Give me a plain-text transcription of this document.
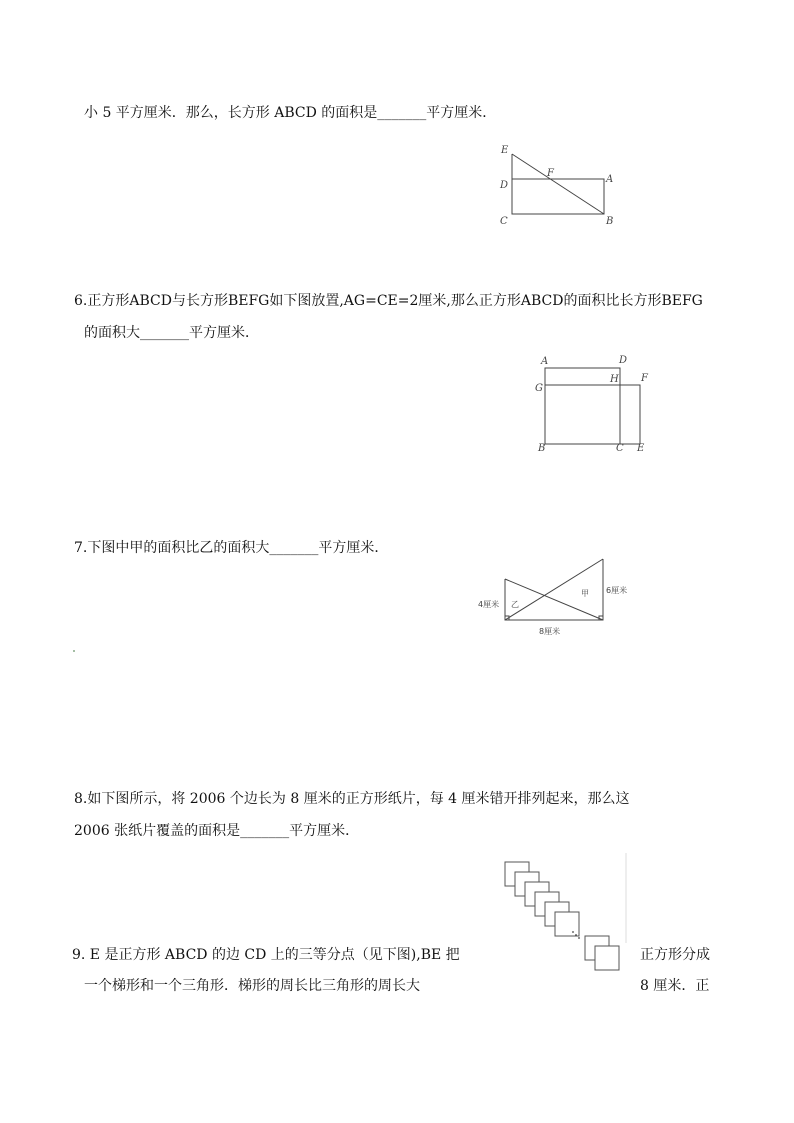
小 5 平方厘米．那么，长方形 ABCD 的面积是_______平方厘米．
E
F
D
A
C	B
6.正方形ABCD与长方形BEFG如下图放置,AG=CE=2厘米,那么正方形ABCD的面积比长方形BEFG
的面积大_______平方厘米．
A	D
G
H F
B	C E
7.下图中甲的面积比乙的面积大_______平方厘米．
4厘米 乙
甲 6厘米
8厘米
8.如下图所示，将 2006 个边长为 8 厘米的正方形纸片，每 4 厘米错开排列起来，那么这
2006 张纸片覆盖的面积是_______平方厘米．
9. E 是正方形 ABCD 的边 CD 上的三等分点（见下图),BE 把	正方形分成
一个梯形和一个三角形．梯形的周长比三角形的周长大	8 厘米．正
